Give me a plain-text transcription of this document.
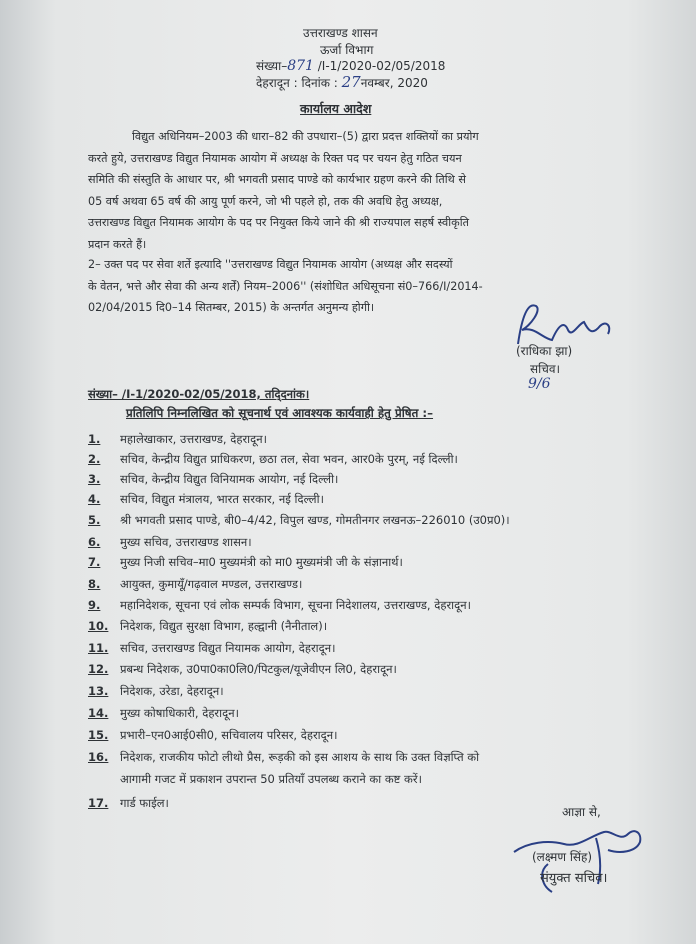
उत्तराखण्ड शासन
ऊर्जा विभाग
संख्या–871 /I-1/2020-02/05/2018
देहरादून : दिनांक : 27नवम्बर, 2020
कार्यालय आदेश
विद्युत अधिनियम–2003 की धारा–82 की उपधारा–(5) द्वारा प्रदत्त शक्तियों का प्रयोग
करते हुये, उत्तराखण्ड विद्युत नियामक आयोग में अध्यक्ष के रिक्त पद पर चयन हेतु गठित चयन
समिति की संस्तुति के आधार पर, श्री भगवती प्रसाद पाण्डे को कार्यभार ग्रहण करने की तिथि से
05 वर्ष अथवा 65 वर्ष की आयु पूर्ण करने, जो भी पहले हो, तक की अवधि हेतु अध्यक्ष,
उत्तराखण्ड विद्युत नियामक आयोग के पद पर नियुक्त किये जाने की श्री राज्यपाल सहर्ष स्वीकृति
प्रदान करते हैं।
2– उक्त पद पर सेवा शर्ते इत्यादि ''उत्तराखण्ड विद्युत नियामक आयोग (अध्यक्ष और सदस्यों
के वेतन, भत्ते और सेवा की अन्य शर्तें) नियम–2006'' (संशोधित अधिसूचना सं0–766/I/2014-
02/04/2015 दि0–14 सितम्बर, 2015) के अन्तर्गत अनुमन्य होगी।
(राधिका झा)
सचिव।
9/6
संख्या– /I-1/2020-02/05/2018, तद्‍दिनांक।
प्रतिलिपि निम्नलिखित को सूचनार्थ एवं आवश्यक कार्यवाही हेतु प्रेषित :–
1. महालेखाकार, उत्तराखण्ड, देहरादून।
2. सचिव, केन्द्रीय विद्युत प्राधिकरण, छठा तल, सेवा भवन, आर0के पुरम्, नई दिल्ली।
3. सचिव, केन्द्रीय विद्युत विनियामक आयोग, नई दिल्ली।
4. सचिव, विद्युत मंत्रालय, भारत सरकार, नई दिल्ली।
5. श्री भगवती प्रसाद पाण्डे, बी0–4/42, विपुल खण्ड, गोमतीनगर लखनऊ–226010 (उ0प्र0)।
6. मुख्य सचिव, उत्तराखण्ड शासन।
7. मुख्य निजी सचिव–मा0 मुख्यमंत्री को मा0 मुख्यमंत्री जी के संज्ञानार्थ।
8. आयुक्त, कुमायूँ/गढ़वाल मण्डल, उत्तराखण्ड।
9. महानिदेशक, सूचना एवं लोक सम्पर्क विभाग, सूचना निदेशालय, उत्तराखण्ड, देहरादून।
10. निदेशक, विद्युत सुरक्षा विभाग, हल्द्वानी (नैनीताल)।
11. सचिव, उत्तराखण्ड विद्युत नियामक आयोग, देहरादून।
12. प्रबन्ध निदेशक, उ0पा0का0लि0/पिटकुल/यूजेवीएन लि0, देहरादून।
13. निदेशक, उरेडा, देहरादून।
14. मुख्य कोषाधिकारी, देहरादून।
15. प्रभारी–एन0आई0सी0, सचिवालय परिसर, देहरादून।
16. निदेशक, राजकीय फोटो लीथो प्रैस, रूड़की को इस आशय के साथ कि उक्त विज्ञप्ति को
आगामी गजट में प्रकाशन उपरान्त 50 प्रतियाँ उपलब्ध कराने का कष्ट करें।
17. गार्ड फाईल।
आज्ञा से,
(लक्ष्मण सिंह)
संयुक्त सचिव।
